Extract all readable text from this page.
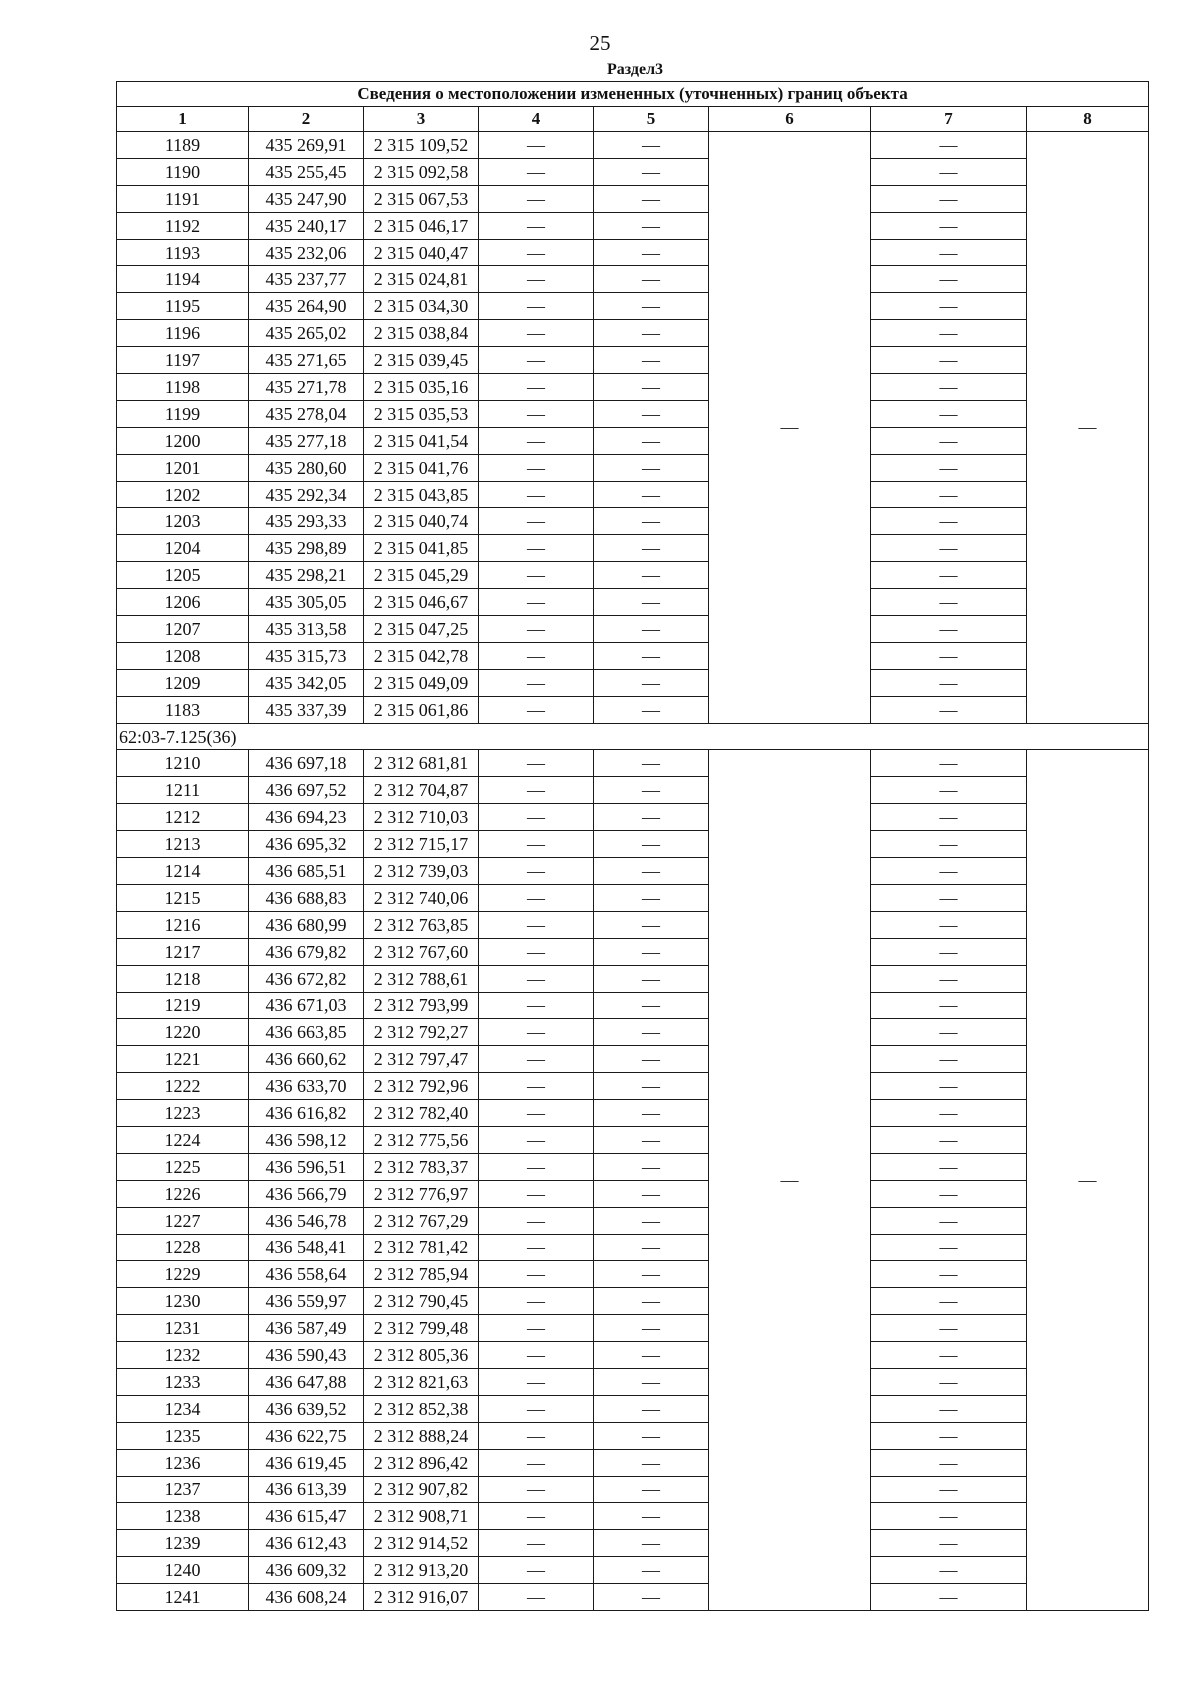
25
Раздел3
Сведения о местоположении измененных (уточненных) границ объекта							
1	2	3	4	5	6	7	8
1189	435 269,91	2 315 109,52	—	—	—	—	—
1190	435 255,45	2 315 092,58	—	—		—	
1191	435 247,90	2 315 067,53	—	—		—	
1192	435 240,17	2 315 046,17	—	—		—	
1193	435 232,06	2 315 040,47	—	—		—	
1194	435 237,77	2 315 024,81	—	—		—	
1195	435 264,90	2 315 034,30	—	—		—	
1196	435 265,02	2 315 038,84	—	—		—	
1197	435 271,65	2 315 039,45	—	—		—	
1198	435 271,78	2 315 035,16	—	—		—	
1199	435 278,04	2 315 035,53	—	—		—	
1200	435 277,18	2 315 041,54	—	—		—	
1201	435 280,60	2 315 041,76	—	—		—	
1202	435 292,34	2 315 043,85	—	—		—	
1203	435 293,33	2 315 040,74	—	—		—	
1204	435 298,89	2 315 041,85	—	—		—	
1205	435 298,21	2 315 045,29	—	—		—	
1206	435 305,05	2 315 046,67	—	—		—	
1207	435 313,58	2 315 047,25	—	—		—	
1208	435 315,73	2 315 042,78	—	—		—	
1209	435 342,05	2 315 049,09	—	—		—	
1183	435 337,39	2 315 061,86	—	—		—	
62:03-7.125(36)							
1210	436 697,18	2 312 681,81	—	—	—	—	—
1211	436 697,52	2 312 704,87	—	—		—	
1212	436 694,23	2 312 710,03	—	—		—	
1213	436 695,32	2 312 715,17	—	—		—	
1214	436 685,51	2 312 739,03	—	—		—	
1215	436 688,83	2 312 740,06	—	—		—	
1216	436 680,99	2 312 763,85	—	—		—	
1217	436 679,82	2 312 767,60	—	—		—	
1218	436 672,82	2 312 788,61	—	—		—	
1219	436 671,03	2 312 793,99	—	—		—	
1220	436 663,85	2 312 792,27	—	—		—	
1221	436 660,62	2 312 797,47	—	—		—	
1222	436 633,70	2 312 792,96	—	—		—	
1223	436 616,82	2 312 782,40	—	—		—	
1224	436 598,12	2 312 775,56	—	—		—	
1225	436 596,51	2 312 783,37	—	—		—	
1226	436 566,79	2 312 776,97	—	—		—	
1227	436 546,78	2 312 767,29	—	—		—	
1228	436 548,41	2 312 781,42	—	—		—	
1229	436 558,64	2 312 785,94	—	—		—	
1230	436 559,97	2 312 790,45	—	—		—	
1231	436 587,49	2 312 799,48	—	—		—	
1232	436 590,43	2 312 805,36	—	—		—	
1233	436 647,88	2 312 821,63	—	—		—	
1234	436 639,52	2 312 852,38	—	—		—	
1235	436 622,75	2 312 888,24	—	—		—	
1236	436 619,45	2 312 896,42	—	—		—	
1237	436 613,39	2 312 907,82	—	—		—	
1238	436 615,47	2 312 908,71	—	—		—	
1239	436 612,43	2 312 914,52	—	—		—	
1240	436 609,32	2 312 913,20	—	—		—	
1241	436 608,24	2 312 916,07	—	—		—	
